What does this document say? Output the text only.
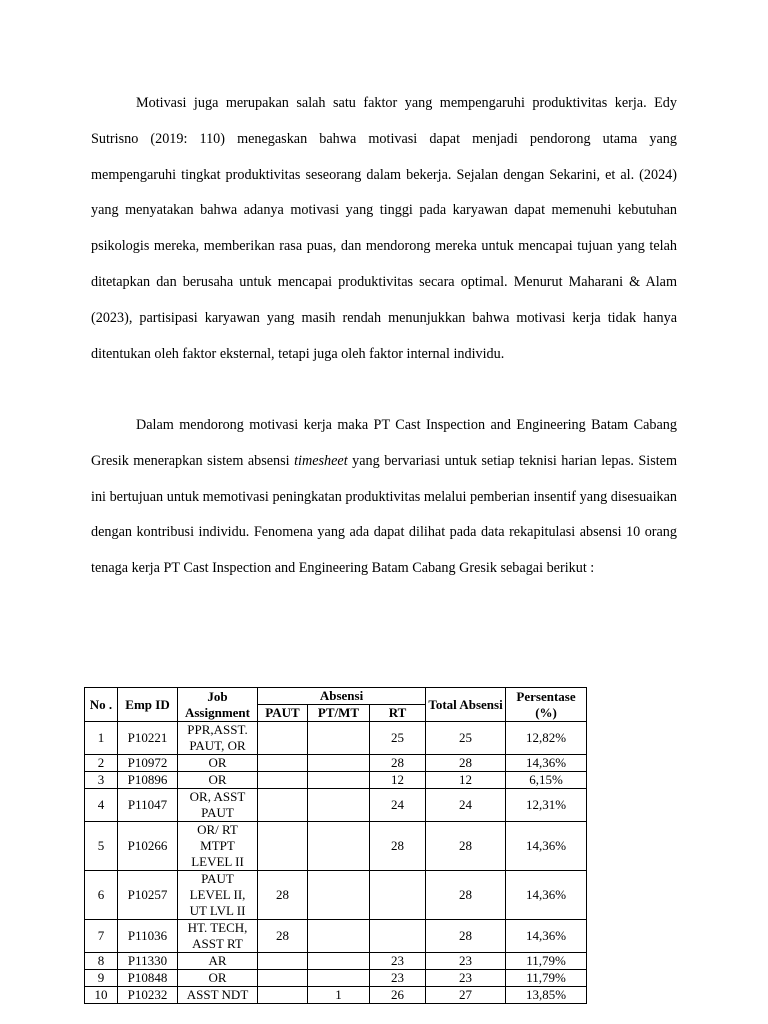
Motivasi juga merupakan salah satu faktor yang mempengaruhi produktivitas kerja. Edy Sutrisno (2019: 110) menegaskan bahwa motivasi dapat menjadi pendorong utama yang mempengaruhi tingkat produktivitas seseorang dalam bekerja. Sejalan dengan Sekarini, et al. (2024) yang menyatakan bahwa adanya motivasi yang tinggi pada karyawan dapat memenuhi kebutuhan psikologis mereka, memberikan rasa puas, dan mendorong mereka untuk mencapai tujuan yang telah ditetapkan dan berusaha untuk mencapai produktivitas secara optimal. Menurut Maharani & Alam (2023), partisipasi karyawan yang masih rendah menunjukkan bahwa motivasi kerja tidak hanya ditentukan oleh faktor eksternal, tetapi juga oleh faktor internal individu.

Dalam mendorong motivasi kerja maka PT Cast Inspection and Engineering Batam Cabang Gresik menerapkan sistem absensi timesheet yang bervariasi untuk setiap teknisi harian lepas. Sistem ini bertujuan untuk memotivasi peningkatan produktivitas melalui pemberian insentif yang disesuaikan dengan kontribusi individu. Fenomena yang ada dapat dilihat pada data rekapitulasi absensi 10 orang tenaga kerja PT Cast Inspection and Engineering Batam Cabang Gresik sebagai berikut :

No .	Emp ID	Job Assignment	Absensi			Total Absensi	Persentase (%)
			PAUT	PT/MT	RT		
1	P10221	PPR,ASST. PAUT, OR			25	25	12,82%
2	P10972	OR			28	28	14,36%
3	P10896	OR			12	12	6,15%
4	P11047	OR, ASST PAUT			24	24	12,31%
5	P10266	OR/ RT MTPT LEVEL II			28	28	14,36%
6	P10257	PAUT LEVEL II, UT LVL II	28			28	14,36%
7	P11036	HT. TECH, ASST RT	28			28	14,36%
8	P11330	AR			23	23	11,79%
9	P10848	OR			23	23	11,79%
10	P10232	ASST NDT		1	26	27	13,85%
